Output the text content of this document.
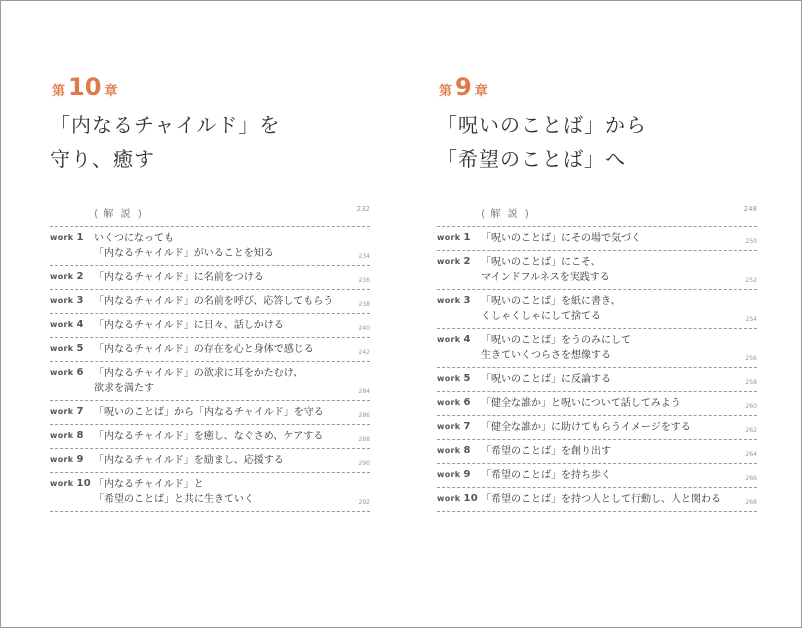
第 10 章
「内なるチャイルド」を
守り、癒す
( 解 説 )	232
work 1 いくつになっても
「内なるチャイルド」がいることを知る	234
work 2 「内なるチャイルド」に名前をつける	236
work 3 「内なるチャイルド」の名前を呼び、応答してもらう	238
work 4 「内なるチャイルド」に日々、話しかける	240
work 5 「内なるチャイルド」の存在を心と身体で感じる	242
work 6 「内なるチャイルド」の欲求に耳をかたむけ、
欲求を満たす	284
work 7 「呪いのことば」から「内なるチャイルド」を守る	286
work 8 「内なるチャイルド」を癒し、なぐさめ、ケアする	288
work 9 「内なるチャイルド」を励まし、応援する	290
work 10 「内なるチャイルド」と
「希望のことば」と共に生きていく	292
第 9 章
「呪いのことば」から
「希望のことば」へ
( 解 説 )	248
work 1 「呪いのことば」にその場で気づく	250
work 2 「呪いのことば」にこそ、
マインドフルネスを実践する	252
work 3 「呪いのことば」を紙に書き、
くしゃくしゃにして捨てる	254
work 4 「呪いのことば」をうのみにして
生きていくつらさを想像する	256
work 5 「呪いのことば」に反論する	258
work 6 「健全な誰か」と呪いについて話してみよう	260
work 7 「健全な誰か」に助けてもらうイメージをする	262
work 8 「希望のことば」を創り出す	264
work 9 「希望のことば」を持ち歩く	266
work 10 「希望のことば」を持つ人として行動し、人と関わる	268
